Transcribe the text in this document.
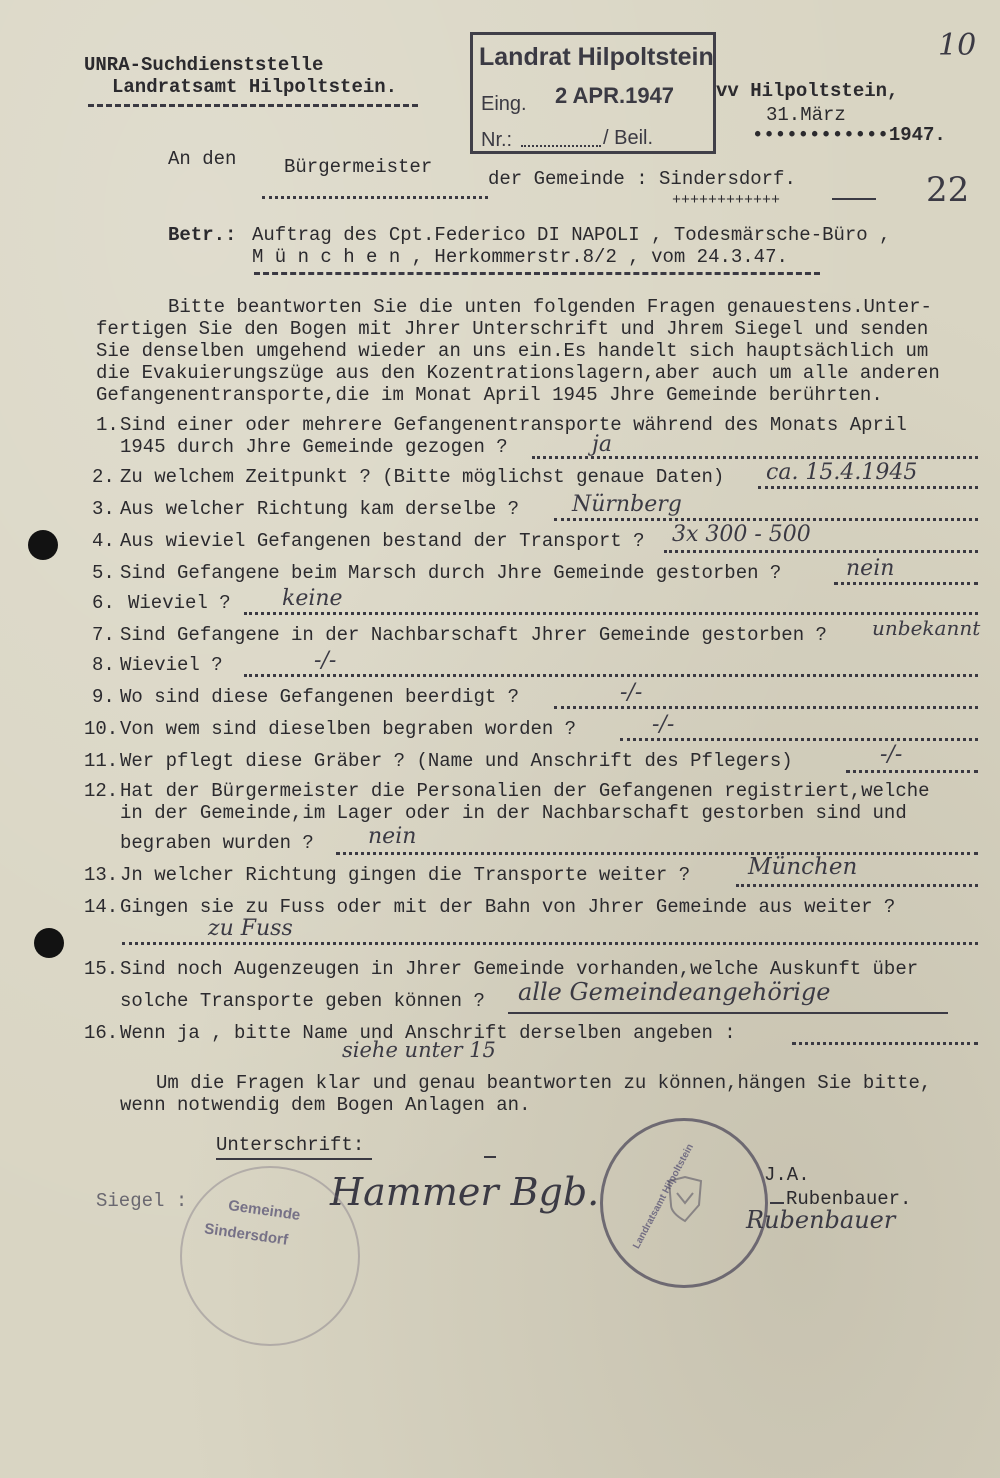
UNRA-Suchdienststelle
Landratsamt Hilpoltstein.
10
Landrat Hilpoltstein
Eing. 2 APR.1947
Nr.:	/ Beil.
vv Hilpoltstein,
31.März
••••••••••••1947.
An den	Bürgermeister
der Gemeinde : Sindersdorf.
++++++++++++	22
Betr.: Auftrag des Cpt.Federico DI NAPOLI , Todesmärsche-Büro ,
M ü n c h e n , Herkommerstr.8/2 , vom 24.3.47.
Bitte beantworten Sie die unten folgenden Fragen genauestens.Unter-
fertigen Sie den Bogen mit Jhrer Unterschrift und Jhrem Siegel und senden
Sie denselben umgehend wieder an uns ein.Es handelt sich hauptsächlich um
die Evakuierungszüge aus den Kozentrationslagern,aber auch um alle anderen
Gefangenentransporte,die im Monat April 1945 Jhre Gemeinde berührten.
1. Sind einer oder mehrere Gefangenentransporte während des Monats April
1945 durch Jhre Gemeinde gezogen ?	ja
2. Zu welchem Zeitpunkt ? (Bitte möglichst genaue Daten) ca. 15.4.1945
3. Aus welcher Richtung kam derselbe ? Nürnberg
4. Aus wieviel Gefangenen bestand der Transport ? 3x 300 - 500
5. Sind Gefangene beim Marsch durch Jhre Gemeinde gestorben ?	nein
6. Wieviel ? keine
7. Sind Gefangene in der Nachbarschaft Jhrer Gemeinde gestorben ? unbekannt
8. Wieviel ?	-/-
9. Wo sind diese Gefangenen beerdigt ?	-/-
10. Von wem sind dieselben begraben worden ?	-/-
11. Wer pflegt diese Gräber ? (Name und Anschrift des Pflegers)	-/-
12. Hat der Bürgermeister die Personalien der Gefangenen registriert,welche
in der Gemeinde,im Lager oder in der Nachbarschaft gestorben sind und
begraben wurden ? nein
13. Jn welcher Richtung gingen die Transporte weiter ?	München
14. Gingen sie zu Fuss oder mit der Bahn von Jhrer Gemeinde aus weiter ?
zu Fuss
15. Sind noch Augenzeugen in Jhrer Gemeinde vorhanden,welche Auskunft über
solche Transporte geben können ? alle Gemeindeangehörige
16. Wenn ja , bitte Name und Anschrift derselben angeben :
siehe unter 15
Um die Fragen klar und genau beantworten zu können,hängen Sie bitte,
wenn notwendig dem Bogen Anlagen an.
Unterschrift:
Siegel :	Hammer Bgb.
Gemeinde
Sindersdorf	Landratsamt Hilpoltstein	J.A.
Rubenbauer.
Rubenbauer
